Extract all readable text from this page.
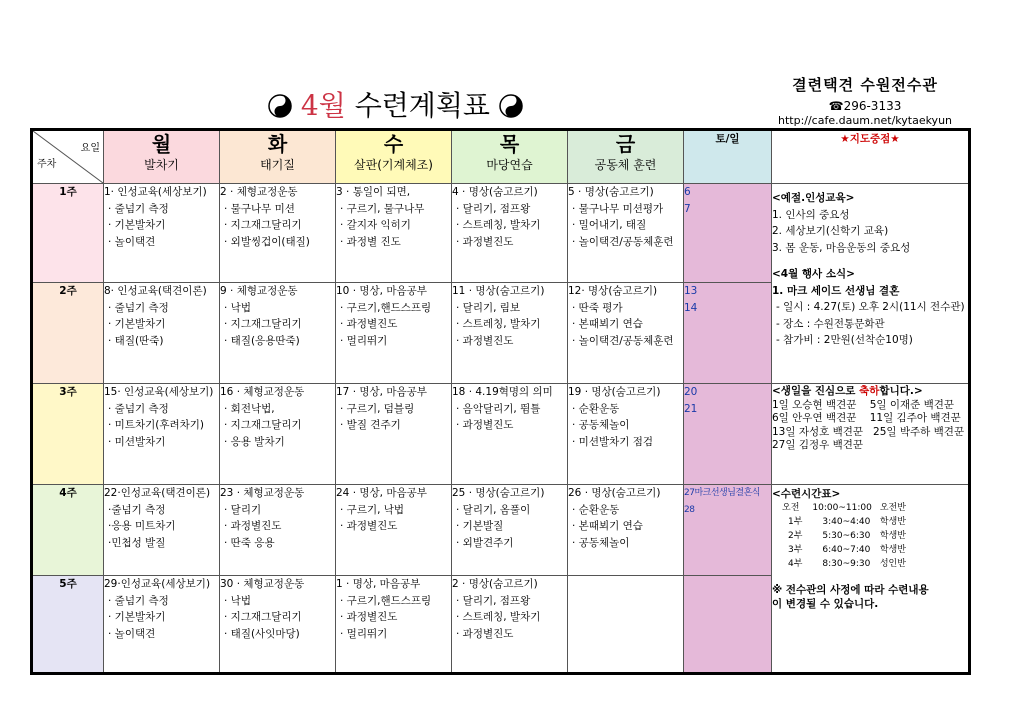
4월 수련계획표
결련택견 수원전수관
☎296-3133
http://cafe.daum.net/kytaekyun
요일
주차

월
발차기

화
태기질

수
살판(기계체조)

목
마당연습

금
공동체 훈련
	토/일	★지도중점★
1주	1· 인성교육(세상보기)
· 줄넘기 측정
· 기본발차기
· 놀이택견

2 · 체형교정운동
· 물구나무 미션
· 지그재그달리기
· 외발씽겁이(태질)

3 · 통일이 되면,
· 구르기, 물구나무
· 갈지자 익히기
· 과정별 진도

4 · 명상(숨고르기)
· 달리기, 점프왕
· 스트레칭, 발차기
· 과정별진도

5 · 명상(숨고르기)
· 물구나무 미션평가
· 밀어내기, 태질
· 놀이택견/공동체훈련

6
7

<예절.인성교육>
1. 인사의 중요성
2. 세상보기(신학기 교육)
3. 몸 운동, 마음운동의 중요성
<4월 행사 소식>
1. 마크 세이드 선생님 결혼
- 일시 : 4.27(토) 오후 2시(11시 전수관)
- 장소 : 수원전통문화관
- 참가비 : 2만원(선착순10명)

2주	8· 인성교육(택견이론)
· 줄넘기 측정
· 기본발차기
· 태질(딴죽)

9 · 체형교정운동
· 낙법
· 지그재그달리기
· 태질(응용딴죽)

10 · 명상, 마음공부
· 구르기,핸드스프링
· 과정별진도
· 멀리뛰기

11 · 명상(숨고르기)
· 달리기, 림보
· 스트레칭, 발차기
· 과정별진도

12· 명상(숨고르기)
· 딴죽 평가
· 본때뵈기 연습
· 놀이택견/공동체훈련

13
14

3주	15· 인성교육(세상보기)
· 줄넘기 측정
· 미트차기(후려차기)
· 미션발차기

16 · 체형교정운동
· 회전낙법,
· 지그재그달리기
· 응용 발차기

17 · 명상, 마음공부
· 구르기, 덤블링
· 발질 견주기

18 · 4.19혁명의 의미
· 음악달리기, 뜀틀
· 과정별진도

19 · 명상(숨고르기)
· 순환운동
· 공동체놀이
· 미션발차기 점검

20
21

<생일을 진심으로 축하합니다.>
1일 오승현 백견꾼    5일 이재준 백견꾼
6일 안우연 백견꾼    11일 김주아 백견꾼
13일 자성호 백견꾼   25일 박주하 백견꾼
27일 김정우 백견꾼

4주	22·인성교육(택견이론)
·줄넘기 측정
·응용 미트차기
·민첩성 발질

23 · 체형교정운동
· 달리기
· 과정별진도
· 딴죽 응용

24 · 명상, 마음공부
· 구르기, 낙법
· 과정별진도

25 · 명상(숨고르기)
· 달리기, 옴풀이
· 기본발질
· 외발견주기

26 · 명상(숨고르기)
· 순환운동
· 본때뵈기 연습
· 공동체놀이

27마크선생님결혼식
28

<수련시간표>
오전	10:00~11:00	오전반
1부	3:40~4:40	학생반
2부	5:30~6:30	학생반
3부	6:40~7:40	학생반
4부	8:30~9:30	성인반
※ 전수관의 사정에 따라 수련내용
이 변경될 수 있습니다.

5주	29·인성교육(세상보기)
· 줄넘기 측정
· 기본발차기
· 놀이택견

30 · 체형교정운동
· 낙법
· 지그재그달리기
· 태질(사잇마당)

1 · 명상, 마음공부
· 구르기,핸드스프링
· 과정별진도
· 멀리뛰기

2 · 명상(숨고르기)
· 달리기, 점프왕
· 스트레칭, 발차기
· 과정별진도
